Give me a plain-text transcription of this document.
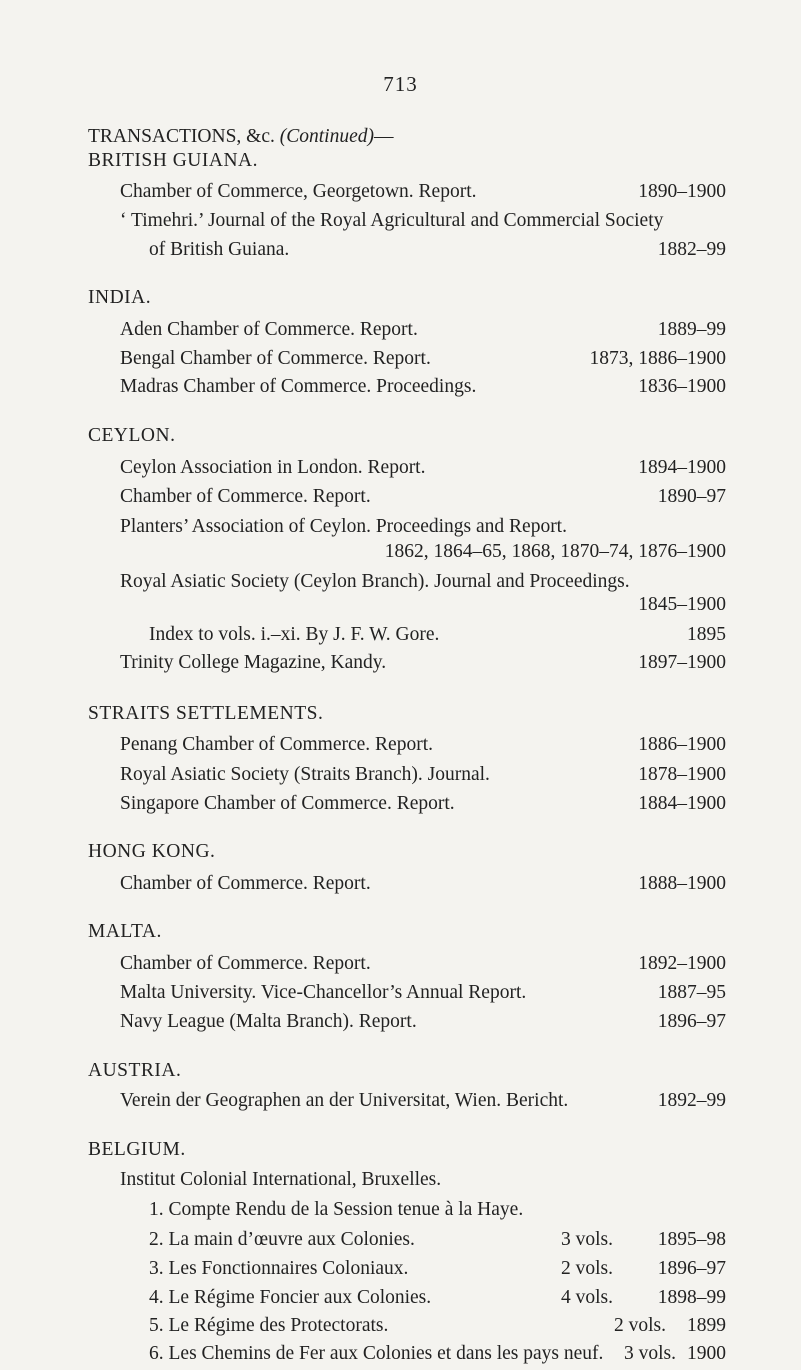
713
TRANSACTIONS, &c. (Continued)—
BRITISH GUIANA.
Chamber of Commerce, Georgetown. Report.	1890–1900
‘ Timehri.’ Journal of the Royal Agricultural and Commercial Society
of British Guiana.	1882–99
INDIA.
Aden Chamber of Commerce. Report.	1889–99
Bengal Chamber of Commerce. Report.	1873, 1886–1900
Madras Chamber of Commerce. Proceedings.	1836–1900
CEYLON.
Ceylon Association in London. Report.	1894–1900
Chamber of Commerce. Report.	1890–97
Planters’ Association of Ceylon. Proceedings and Report.
1862, 1864–65, 1868, 1870–74, 1876–1900
Royal Asiatic Society (Ceylon Branch). Journal and Proceedings.
1845–1900
Index to vols. i.–xi. By J. F. W. Gore.	1895
Trinity College Magazine, Kandy.	1897–1900
STRAITS SETTLEMENTS.
Penang Chamber of Commerce. Report.	1886–1900
Royal Asiatic Society (Straits Branch). Journal.	1878–1900
Singapore Chamber of Commerce. Report.	1884–1900
HONG KONG.
Chamber of Commerce. Report.	1888–1900
MALTA.
Chamber of Commerce. Report.	1892–1900
Malta University. Vice-Chancellor’s Annual Report.	1887–95
Navy League (Malta Branch). Report.	1896–97
AUSTRIA.
Verein der Geographen an der Universitat, Wien. Bericht.	1892–99
BELGIUM.
Institut Colonial International, Bruxelles.
1. Compte Rendu de la Session tenue à la Haye.
2. La main d’œuvre aux Colonies.	3 vols. 1895–98
3. Les Fonctionnaires Coloniaux.	2 vols. 1896–97
4. Le Régime Foncier aux Colonies.	4 vols. 1898–99
5. Le Régime des Protectorats.	2 vols. 1899
6. Les Chemins de Fer aux Colonies et dans les pays neuf. 3 vols. 1900
